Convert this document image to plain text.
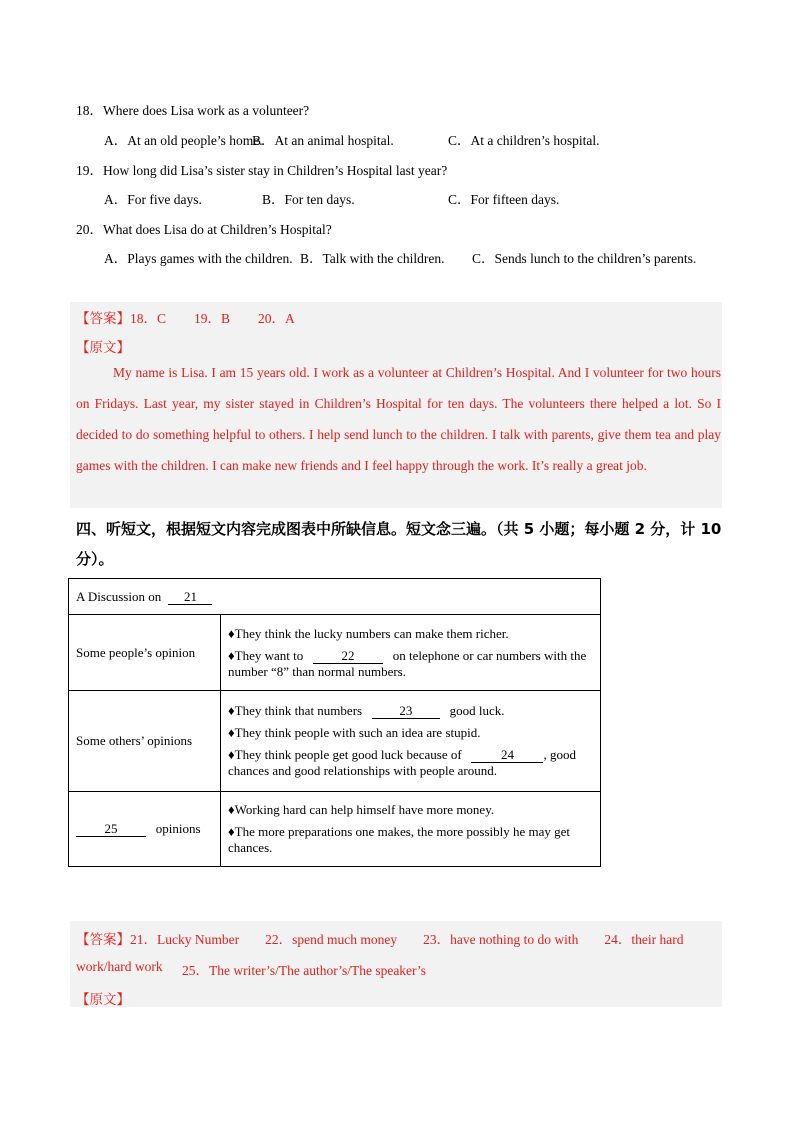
18．Where does Lisa work as a volunteer?
A．At an old people’s home.
B．At an animal hospital.	C．At a children’s hospital.
19．How long did Lisa’s sister stay in Children’s Hospital last year?
A．For five days.	B．For ten days.	C．For fifteen days.
20．What does Lisa do at Children’s Hospital?
A．Plays games with the children. B．Talk with the children. C．Sends lunch to the children’s parents.
【答案】18．C 19．B 20．A
【原文】
My name is Lisa. I am 15 years old. I work as a volunteer at Children’s Hospital. And I volunteer for two hours on Fridays. Last year, my sister stayed in Children’s Hospital for ten days. The volunteers there helped a lot. So I decided to do something helpful to others. I help send lunch to the children. I talk with parents, give them tea and play games with the children. I can make new friends and I feel happy through the work. It’s really a great job.
四、听短文，根据短文内容完成图表中所缺信息。短文念三遍。（共 5 小题；每小题 2 分，计 10 分）。
A Discussion on 21	
Some people’s opinion	♦They think the lucky numbers can make them richer.
♦They want to 22 on telephone or car numbers with the number “8” than normal numbers.

Some others’ opinions	♦They think that numbers 23 good luck.
♦They think people with such an idea are stupid.
♦They think people get good luck because of 24 , good chances and good relationships with people around.

25 opinions	♦Working hard can help himself have more money.
♦The more preparations one makes, the more possibly he may get chances.
【答案】21．Lucky Number 22．spend much money 23．have nothing to do with 24．their hard
work/hard work 25．The writer’s/The author’s/The speaker’s
【原文】
